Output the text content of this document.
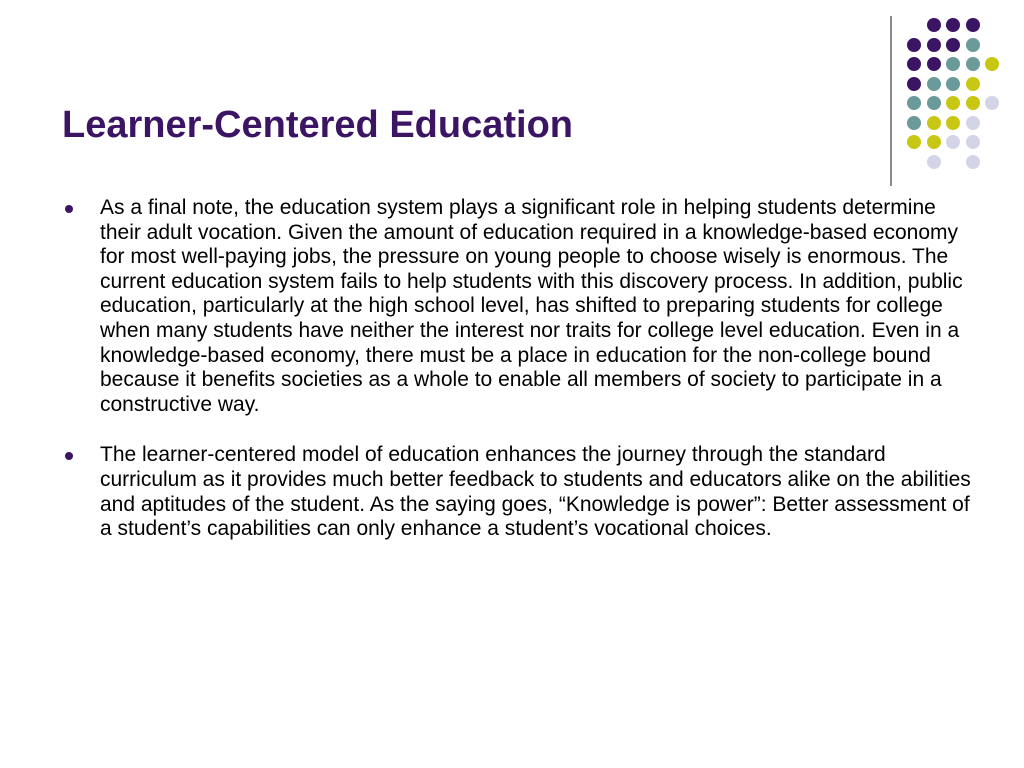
Learner-Centered Education
As a final note, the education system plays a significant role in helping students determine their adult vocation. Given the amount of education required in a knowledge-based economy for most well-paying jobs, the pressure on young people to choose wisely is enormous. The current education system fails to help students with this discovery process. In addition, public education, particularly at the high school level, has shifted to preparing students for college when many students have neither the interest nor traits for college level education. Even in a knowledge-based economy, there must be a place in education for the non-college bound because it benefits societies as a whole to enable all members of society to participate in a constructive way.
The learner-centered model of education enhances the journey through the standard curriculum as it provides much better feedback to students and educators alike on the abilities and aptitudes of the student. As the saying goes, “Knowledge is power”: Better assessment of a student’s capabilities can only enhance a student’s vocational choices.
